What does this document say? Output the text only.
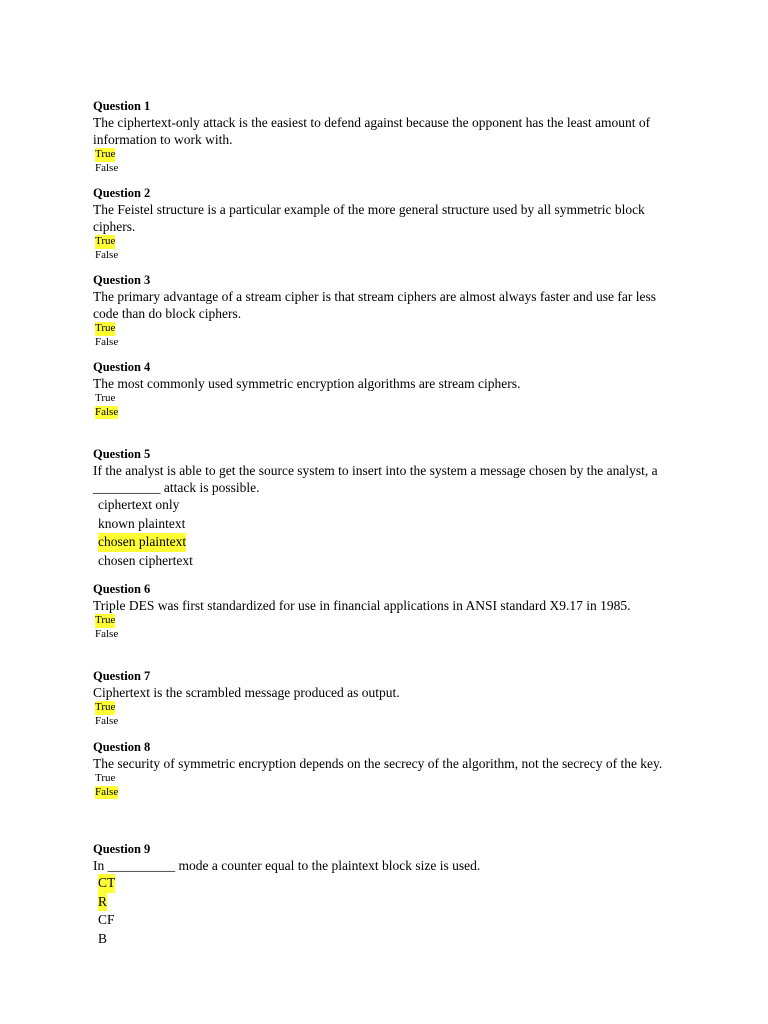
Question 1

The ciphertext-only attack is the easiest to defend against because the opponent has the least amount of information to work with.

True
False
Question 2

The Feistel structure is a particular example of the more general structure used by all symmetric block ciphers.

True
False
Question 3

The primary advantage of a stream cipher is that stream ciphers are almost always faster and use far less code than do block ciphers.

True
False
Question 4

The most commonly used symmetric encryption algorithms are stream ciphers.

True
False
Question 5

If the analyst is able to get the source system to insert into the system a message chosen by the analyst, a __________ attack is possible.

ciphertext only
known plaintext
chosen plaintext
chosen ciphertext
Question 6

Triple DES was first standardized for use in financial applications in ANSI standard X9.17 in 1985.

True
False
Question 7

Ciphertext is the scrambled message produced as output.

True
False
Question 8

The security of symmetric encryption depends on the secrecy of the algorithm, not the secrecy of the key.

True
False
Question 9

In __________ mode a counter equal to the plaintext block size is used.

CT
R
CF
B
